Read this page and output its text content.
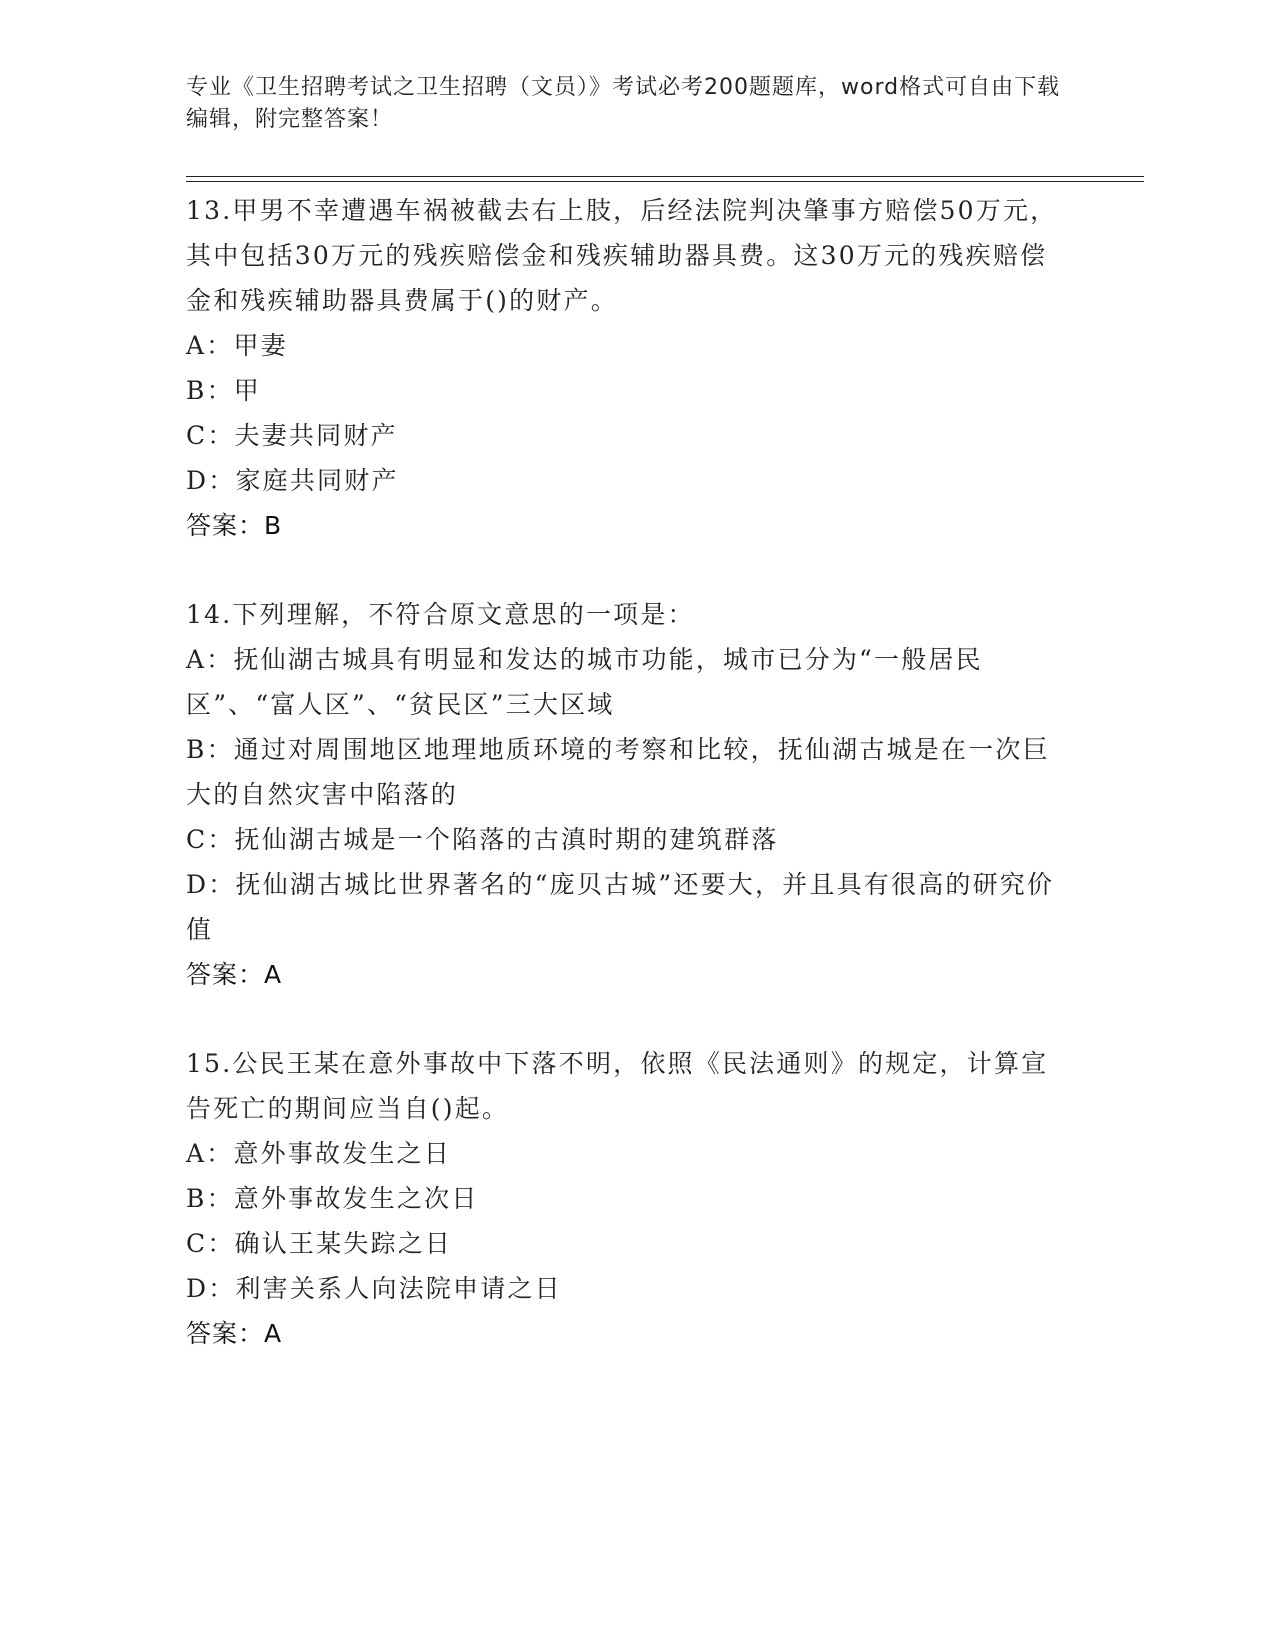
专业《卫生招聘考试之卫生招聘（文员）》考试必考200题题库，word格式可自由下载编辑，附完整答案！
13.甲男不幸遭遇车祸被截去右上肢，后经法院判决肇事方赔偿50万元，其中包括30万元的残疾赔偿金和残疾辅助器具费。这30万元的残疾赔偿金和残疾辅助器具费属于()的财产。
A：甲妻
B：甲
C：夫妻共同财产
D：家庭共同财产
答案：B
14.下列理解，不符合原文意思的一项是：
A：抚仙湖古城具有明显和发达的城市功能，城市已分为“一般居民区”、“富人区”、“贫民区”三大区域
B：通过对周围地区地理地质环境的考察和比较，抚仙湖古城是在一次巨大的自然灾害中陷落的
C：抚仙湖古城是一个陷落的古滇时期的建筑群落
D：抚仙湖古城比世界著名的“庞贝古城”还要大，并且具有很高的研究价值
答案：A
15.公民王某在意外事故中下落不明，依照《民法通则》的规定，计算宣告死亡的期间应当自()起。
A：意外事故发生之日
B：意外事故发生之次日
C：确认王某失踪之日
D：利害关系人向法院申请之日
答案：A
